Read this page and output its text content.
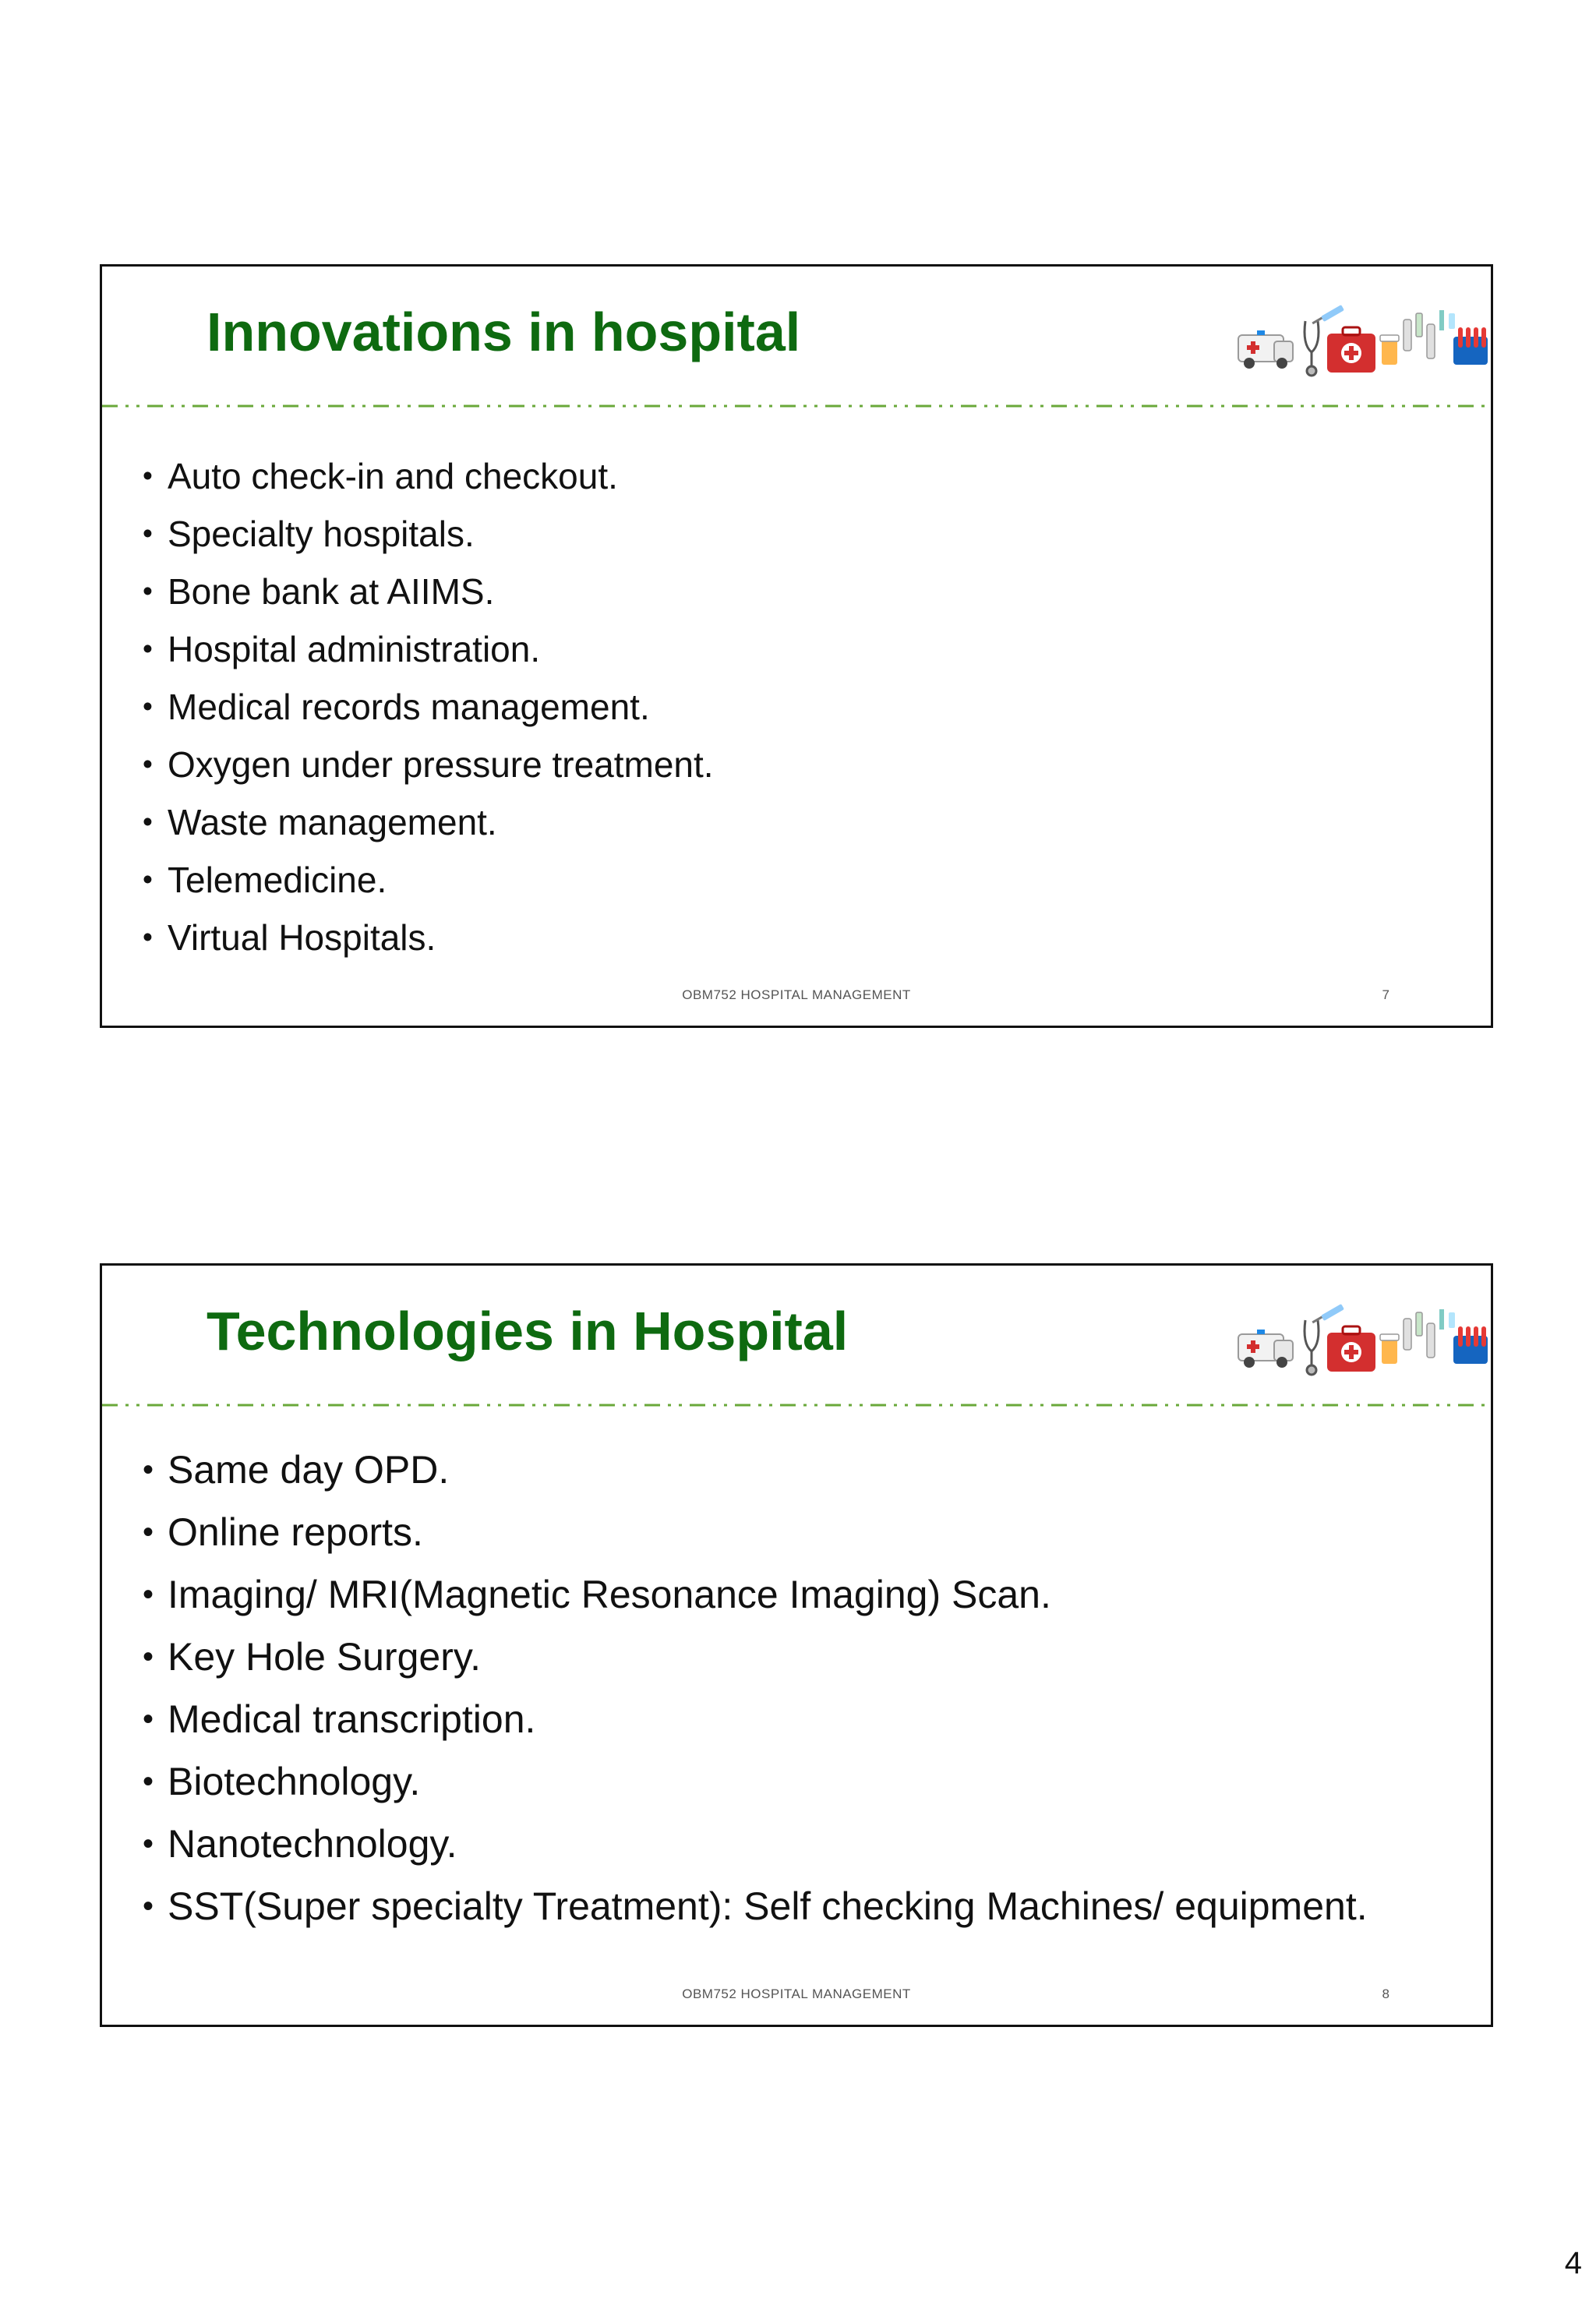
Innovations in hospital
• Auto check-in and checkout.
• Specialty hospitals.
• Bone bank at AIIMS.
• Hospital administration.
• Medical records management.
• Oxygen under pressure treatment.
• Waste management.
• Telemedicine.
• Virtual Hospitals.
OBM752 HOSPITAL MANAGEMENT	7
Technologies in Hospital
• Same day OPD.
• Online reports.
• Imaging/ MRI(Magnetic Resonance Imaging) Scan.
• Key Hole Surgery.
• Medical transcription.
• Biotechnology.
• Nanotechnology.
• SST(Super specialty Treatment): Self checking Machines/ equipment.
OBM752 HOSPITAL MANAGEMENT	8
4
